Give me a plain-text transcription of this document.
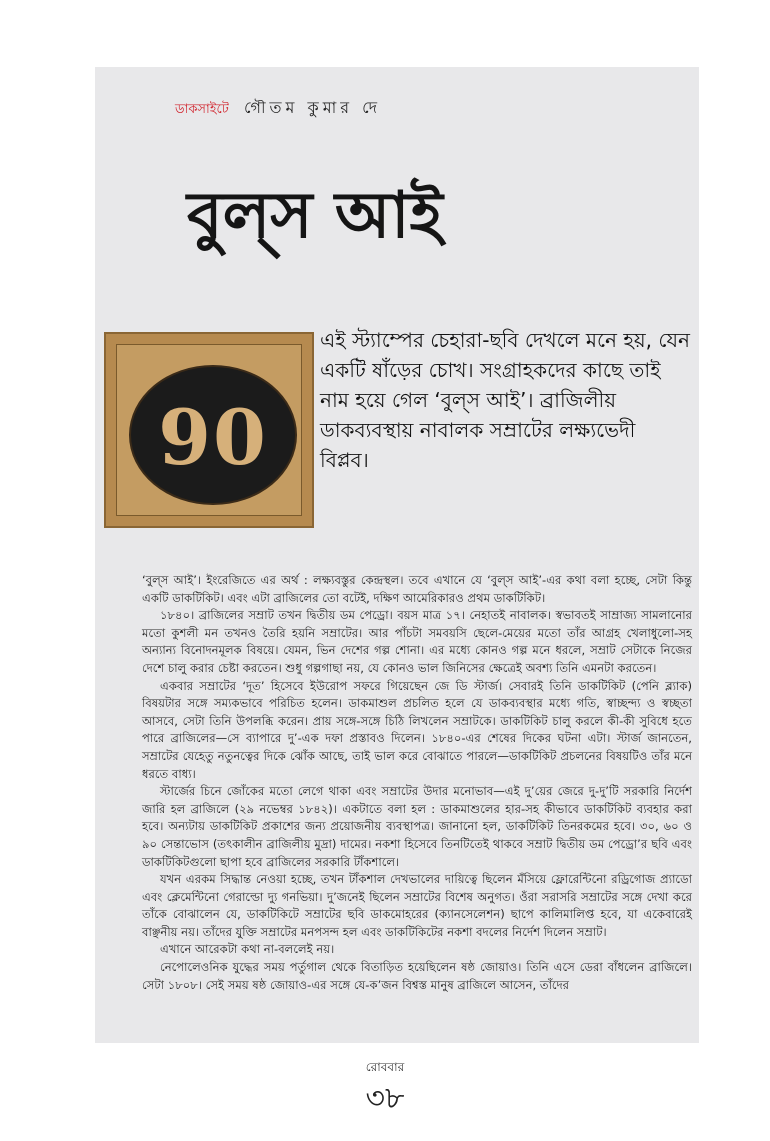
ডাকসাইটে গৌতম কুমার দে
বুল্‌স আই
90

এই স্ট্যাম্পের চেহারা-ছবি দেখলে মনে হয়, যেন একটি ষাঁড়ের চোখ। সংগ্রাহকদের কাছে তাই নাম হয়ে গেল ‘বুল্‌স আই’। ব্রাজিলীয় ডাকব্যবস্থায় নাবালক সম্রাটের লক্ষ্যভেদী বিপ্লব।

‘বুল্‌স আই’। ইংরেজিতে এর অর্থ : লক্ষ্যবস্তুর কেন্দ্রস্থল। তবে এখানে যে ‘বুল্‌স আই’-এর কথা বলা হচ্ছে, সেটা কিন্তু একটি ডাকটিকিট। এবং এটা ব্রাজিলের তো বটেই, দক্ষিণ আমেরিকারও প্রথম ডাকটিকিট।

১৮৪০। ব্রাজিলের সম্রাট তখন দ্বিতীয় ডম পেড্রো। বয়স মাত্র ১৭। নেহাতই নাবালক। স্বভাবতই সাম্রাজ্য সামলানোর মতো কুশলী মন তখনও তৈরি হয়নি সম্রাটের। আর পাঁচটা সমবয়সি ছেলে-মেয়ের মতো তাঁর আগ্রহ খেলাধুলো-সহ অন্যান্য বিনোদনমূলক বিষয়ে। যেমন, ভিন দেশের গল্প শোনা। এর মধ্যে কোনও গল্প মনে ধরলে, সম্রাট সেটাকে নিজের দেশে চালু করার চেষ্টা করতেন। শুধু গল্পগাছা নয়, যে কোনও ভাল জিনিসের ক্ষেত্রেই অবশ্য তিনি এমনটা করতেন।

একবার সম্রাটের ‘দূত’ হিসেবে ইউরোপ সফরে গিয়েছেন জে ডি স্টার্জ। সেবারই তিনি ডাকটিকিট (পেনি ব্ল্যাক) বিষয়টার সঙ্গে সম্যকভাবে পরিচিত হলেন। ডাকমাশুল প্রচলিত হলে যে ডাকব্যবস্থার মধ্যে গতি, স্বাচ্ছন্দ্য ও স্বচ্ছতা আসবে, সেটা তিনি উপলব্ধি করেন। প্রায় সঙ্গে-সঙ্গে চিঠি লিখলেন সম্রাটকে। ডাকটিকিট চালু করলে কী-কী সুবিধে হতে পারে ব্রাজিলের—সে ব্যাপারে দু’-এক দফা প্রস্তাবও দিলেন। ১৮৪০-এর শেষের দিকের ঘটনা এটা। স্টার্জ জানতেন, সম্রাটের যেহেতু নতুনত্বের দিকে ঝোঁক আছে, তাই ভাল করে বোঝাতে পারলে—ডাকটিকিট প্রচলনের বিষয়টিও তাঁর মনে ধরতে বাধ্য।

স্টার্জের চিনে জোঁকের মতো লেগে থাকা এবং সম্রাটের উদার মনোভাব—এই দু’য়ের জেরে দু-দু’টি সরকারি নির্দেশ জারি হল ব্রাজিলে (২৯ নভেম্বর ১৮৪২)। একটাতে বলা হল : ডাকমাশুলের হার-সহ কীভাবে ডাকটিকিট ব্যবহার করা হবে। অন্যটায় ডাকটিকিট প্রকাশের জন্য প্রয়োজনীয় ব্যবস্থাপত্র। জানানো হল, ডাকটিকিট তিনরকমের হবে। ৩০, ৬০ ও ৯০ সেন্তাভোস (তৎকালীন ব্রাজিলীয় মুদ্রা) দামের। নকশা হিসেবে তিনটিতেই থাকবে সম্রাট দ্বিতীয় ডম পেড্রো’র ছবি এবং ডাকটিকিটগুলো ছাপা হবে ব্রাজিলের সরকারি টাঁকশালে।

যখন এরকম সিদ্ধান্ত নেওয়া হচ্ছে, তখন টাঁকশাল দেখভালের দায়িত্বে ছিলেন মঁসিয়ে ফ্লোরেন্টিনো রড্রিগোজ প্র্যাডো এবং ক্লেমেন্টিনো গেরাল্ডো দ্যু গনভিয়া। দু’জনেই ছিলেন সম্রাটের বিশেষ অনুগত। ওঁরা সরাসরি সম্রাটের সঙ্গে দেখা করে তাঁকে বোঝালেন যে, ডাকটিকিটে সম্রাটের ছবি ডাকমোহরের (ক্যানসেলেশন) ছাপে কালিমালিপ্ত হবে, যা একেবারেই বাঞ্ছনীয় নয়। তাঁদের যুক্তি সম্রাটের মনপসন্দ হল এবং ডাকটিকিটের নকশা বদলের নির্দেশ দিলেন সম্রাট।

এখানে আরেকটা কথা না-বললেই নয়।

নেপোলেওনিক যুদ্ধের সময় পর্তুগাল থেকে বিতাড়িত হয়েছিলেন ষষ্ঠ জোয়াও। তিনি এসে ডেরা বাঁধলেন ব্রাজিলে। সেটা ১৮০৮। সেই সময় ষষ্ঠ জোয়াও-এর সঙ্গে যে-ক’জন বিশ্বস্ত মানুষ ব্রাজিলে আসেন, তাঁদের

রোববার
৩৮
